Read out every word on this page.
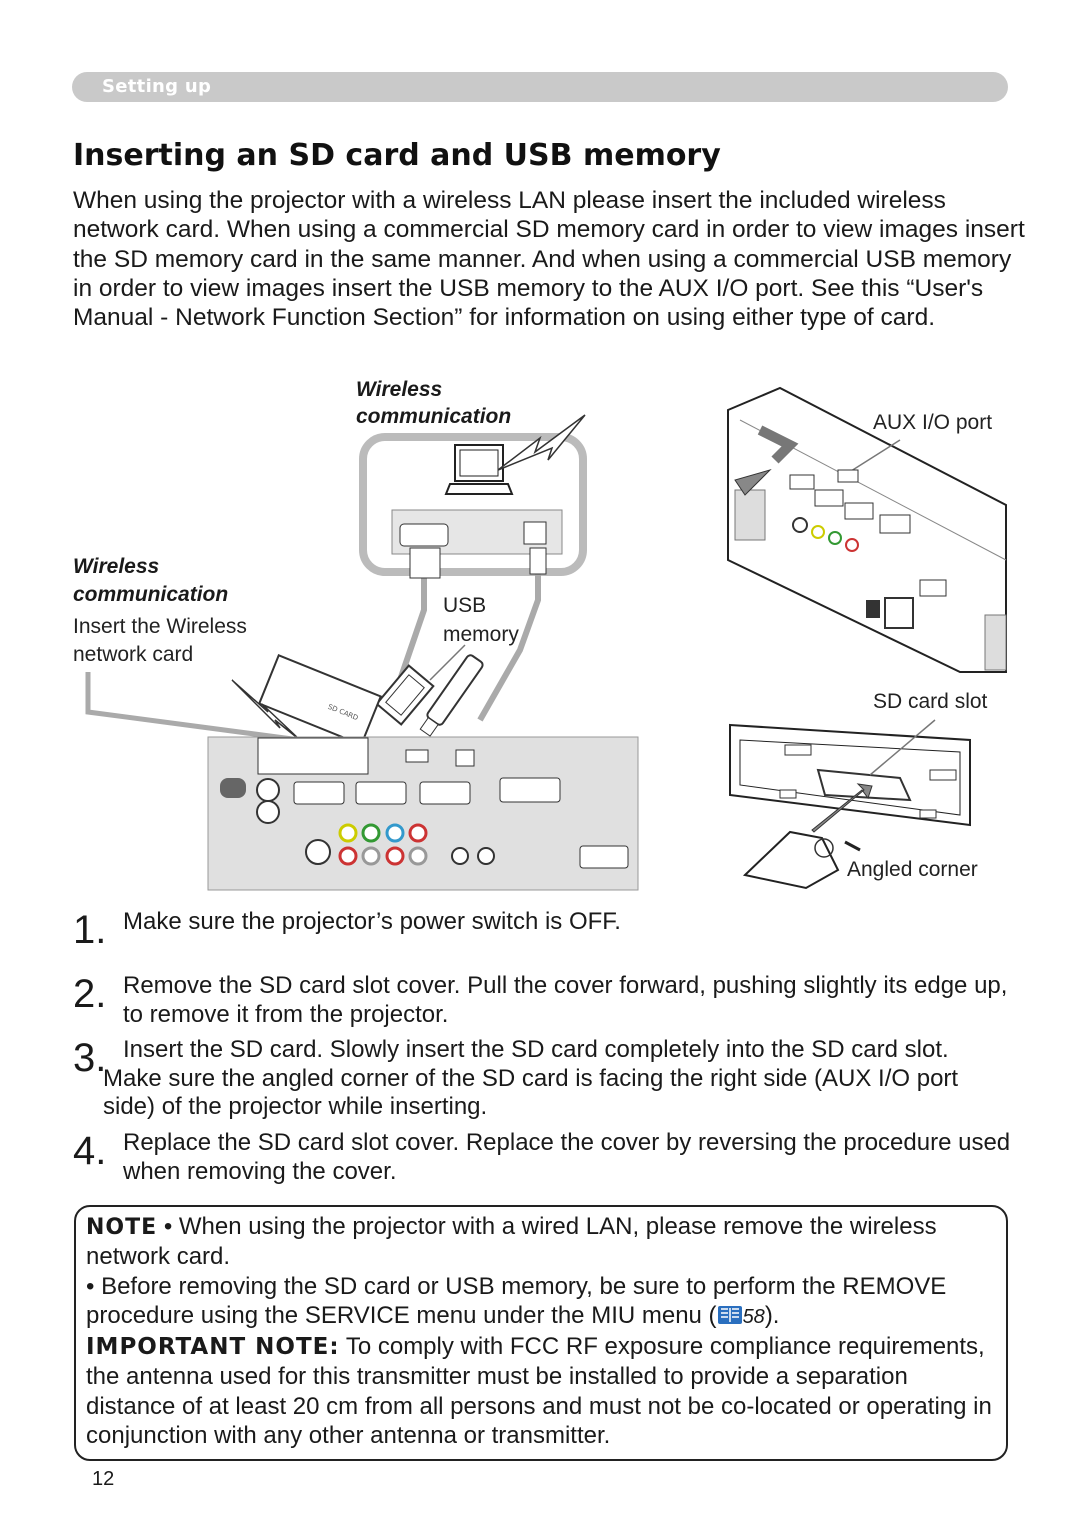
Setting up
Inserting an SD card and USB memory
When using the projector with a wireless LAN please insert the included wireless network card. When using a commercial SD memory card in order to view images insert the SD memory card in the same manner. And when using a commercial USB memory in order to view images insert the USB memory to the AUX I/O port. See this “User's Manual - Network Function Section” for information on using either type of card.
SD CARD
Wireless
communication
Wireless
communication
Insert the Wireless
network card
USB
memory
AUX I/O port
SD card slot
Angled corner
1. Make sure the projector’s power switch is OFF.
2. Remove the SD card slot cover. Pull the cover forward, pushing slightly its edge up, to remove it from the projector.
3. Insert the SD card. Slowly insert the SD card completely into the SD card slot. Make sure the angled corner of the SD card is facing the right side (AUX I/O port side) of the projector while inserting.
4. Replace the SD card slot cover. Replace the cover by reversing the procedure used when removing the cover.
NOTE • When using the projector with a wired LAN, please remove the wireless network card.
• Before removing the SD card or USB memory, be sure to perform the REMOVE procedure using the SERVICE menu under the MIU menu ( 58).
IMPORTANT NOTE: To comply with FCC RF exposure compliance requirements, the antenna used for this transmitter must be installed to provide a separation distance of at least 20 cm from all persons and must not be co-located or operating in conjunction with any other antenna or transmitter.
12
